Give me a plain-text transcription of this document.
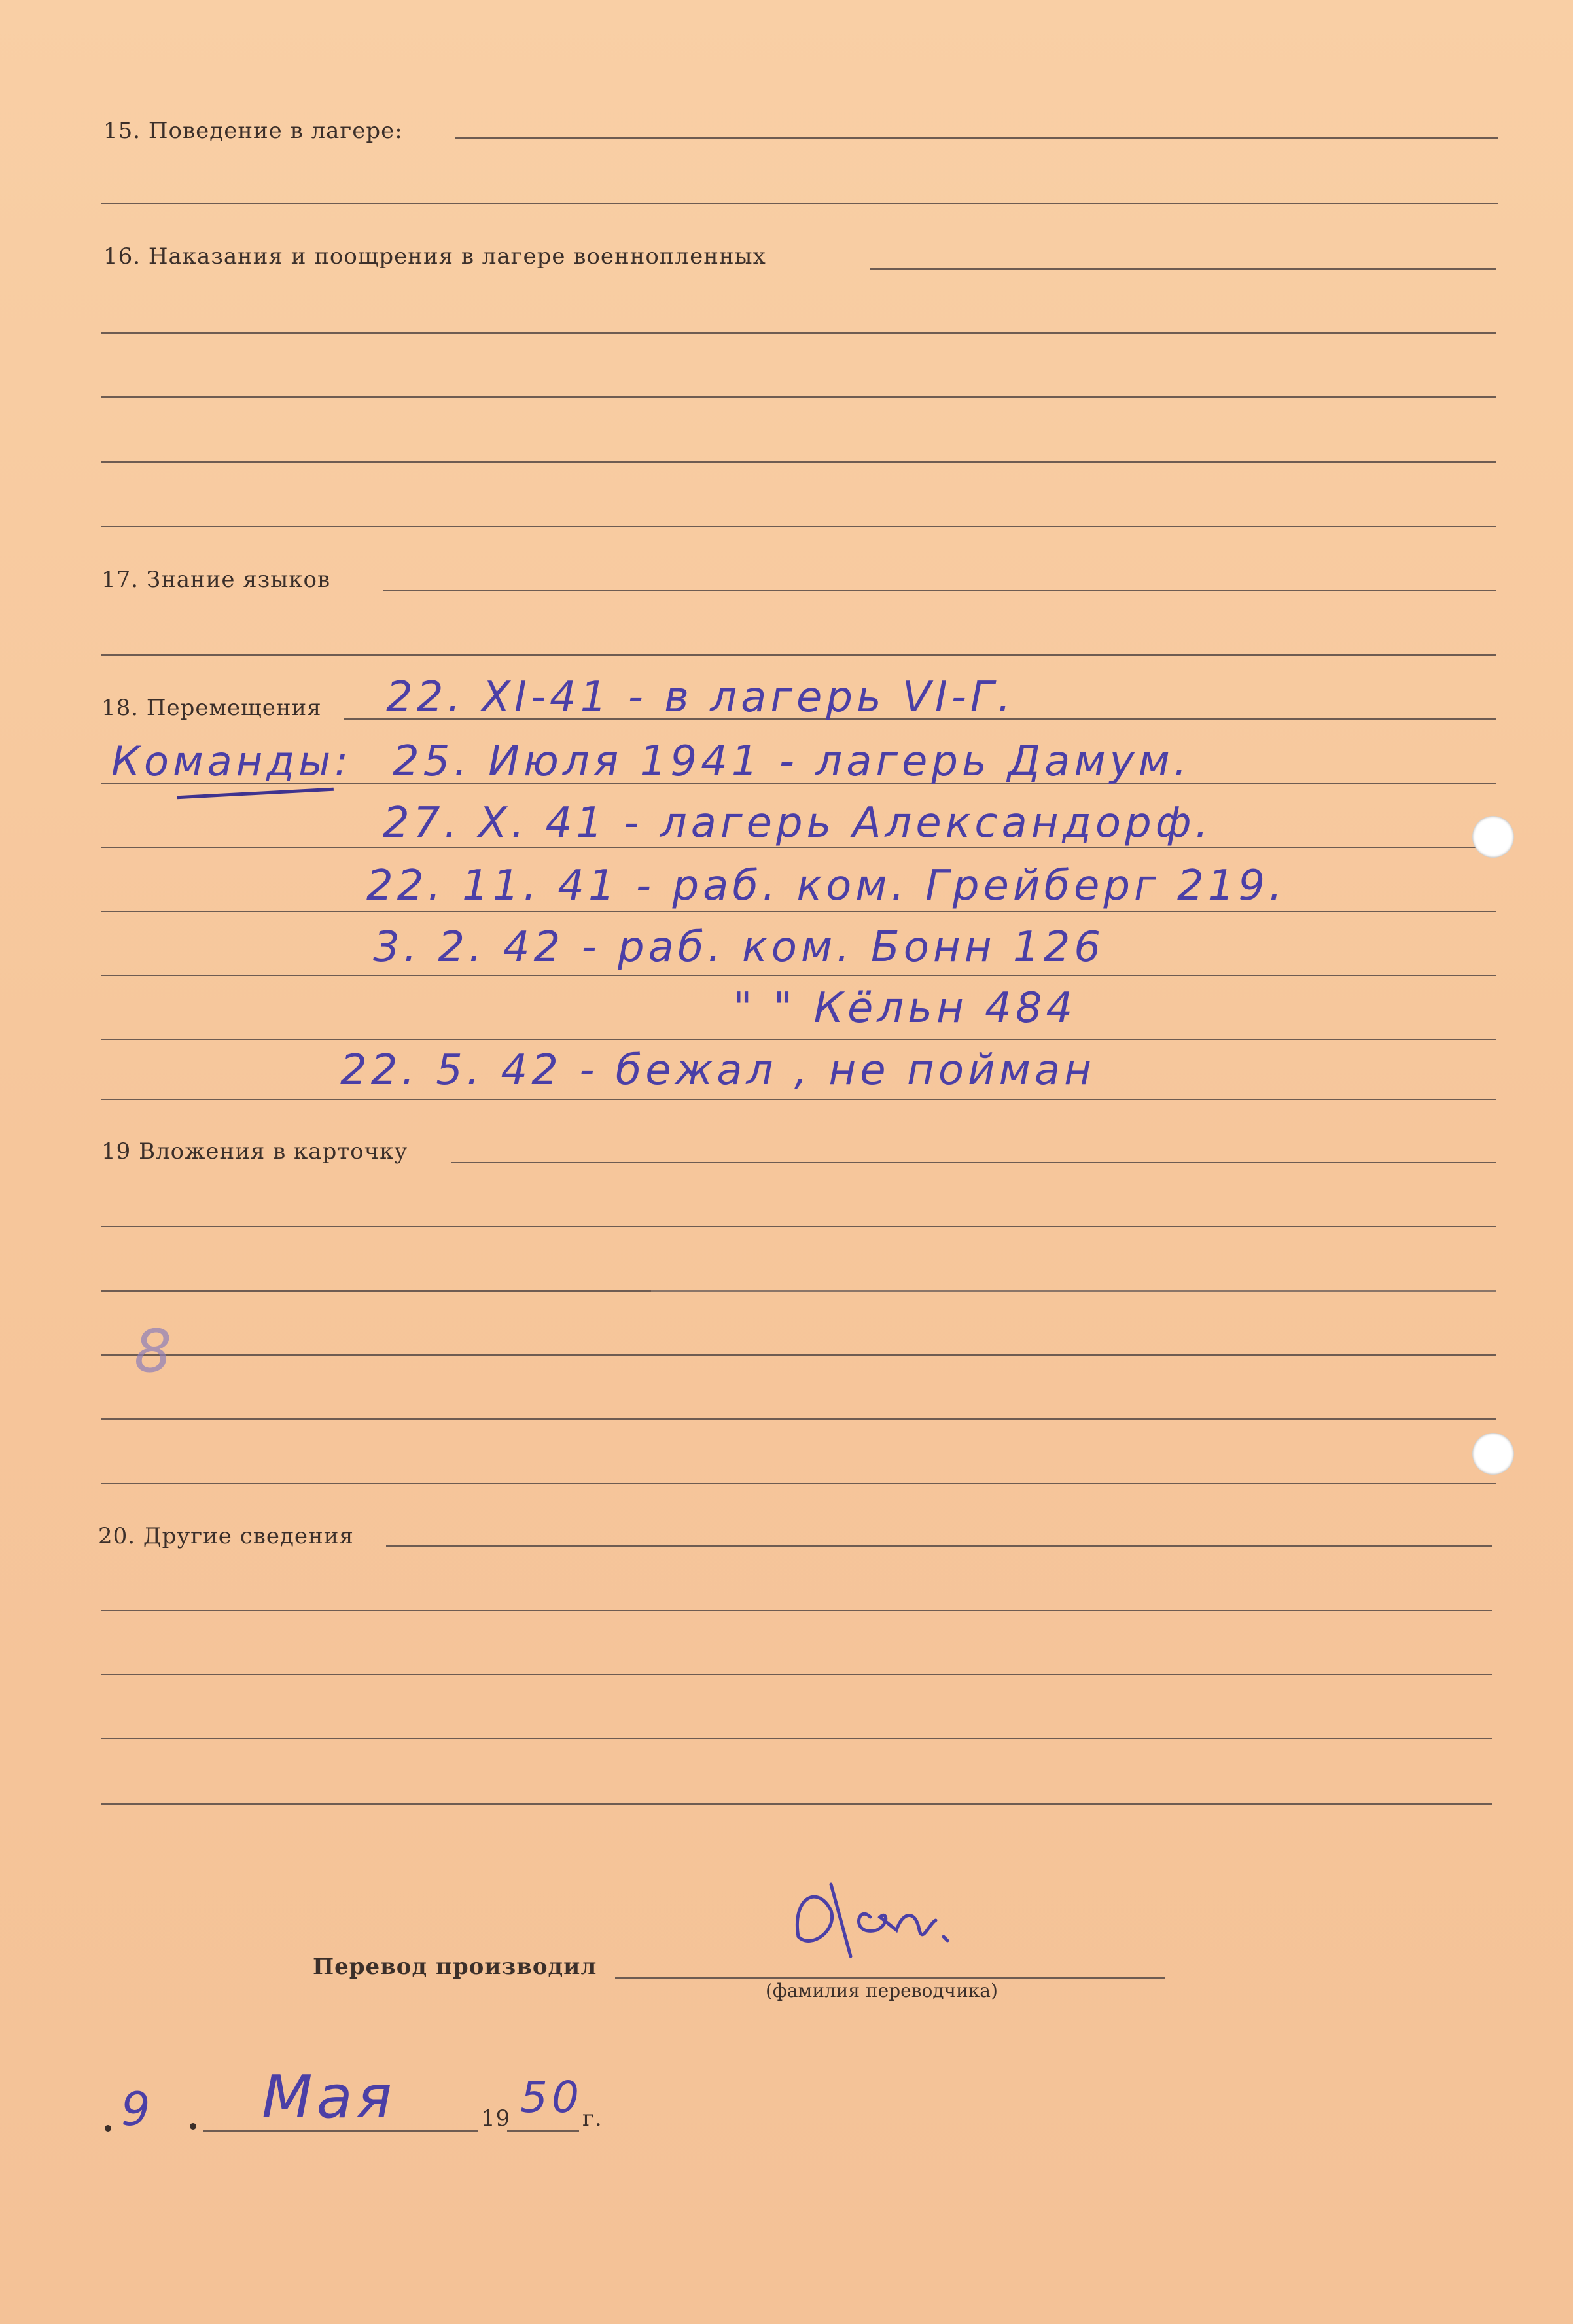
15. Поведение в лагере:
16. Наказания и поощрения в лагере военнопленных
17. Знание языков
18. Перемещения
Команды:
22. XI-41 - в лагерь VI-Г.
25. Июля 1941 - лагерь Дамум.
27. X. 41 - лагерь Александорф.
22. 11. 41 - раб. ком. Грейберг 219.
3. 2. 42 - раб. ком. Бонн 126
" " Кёльн 484
22. 5. 42 - бежал , не пойман
19 Вложения в карточку
8
20. Другие сведения
Перевод производил
(фамилия переводчика)
9 Мая	19 50 г.
